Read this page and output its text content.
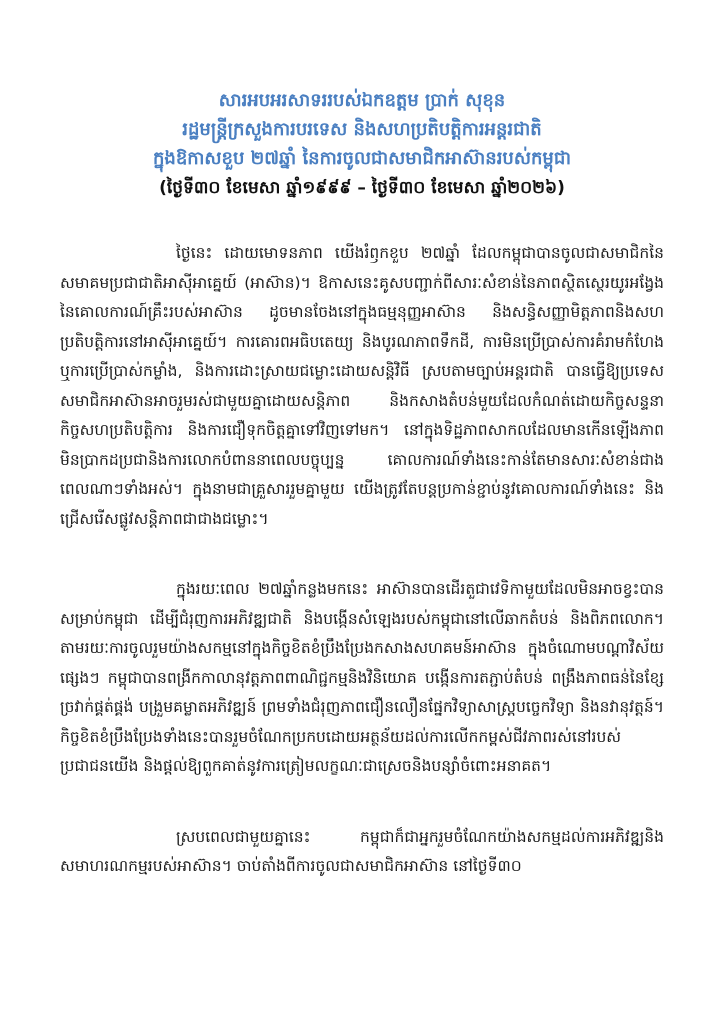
សារអបអរសាទររបស់ឯកឧត្តម ប្រាក់ សុខុន
រដ្ឋមន្ត្រីក្រសួងការបរទេស និងសហប្រតិបត្តិការអន្តរជាតិ
ក្នុងឱកាសខួប ២៧ឆ្នាំ នៃការចូលជាសមាជិកអាស៊ានរបស់កម្ពុជា
(ថ្ងៃទី៣០ ខែមេសា ឆ្នាំ១៩៩៩ – ថ្ងៃទី៣០ ខែមេសា ឆ្នាំ២០២៦)

ថ្ងៃនេះ ដោយមោទនភាព យើងរំឭកខួប ២៧ឆ្នាំ ដែលកម្ពុជាបានចូលជាសមាជិកនៃសមាគមប្រជាជាតិអាស៊ីអាគ្នេយ៍ (អាស៊ាន)។ ឱកាសនេះគូសបញ្ជាក់ពីសារៈសំខាន់នៃភាពស្ថិតស្ថេរយូរអង្វែងនៃគោលការណ៍គ្រឹះរបស់អាស៊ាន ដូចមានចែងនៅក្នុងធម្មនុញ្ញអាស៊ាន និងសន្ធិសញ្ញាមិត្តភាពនិងសហប្រតិបត្តិការនៅអាស៊ីអាគ្នេយ៍។ ការគោរពអធិបតេយ្យ និងបូរណភាពទឹកដី, ការមិនប្រើប្រាស់ការគំរាមកំហែង ឬការប្រើប្រាស់កម្លាំង, និងការដោះស្រាយជម្លោះដោយសន្តិវិធី ស្របតាមច្បាប់អន្តរជាតិ បានធ្វើឱ្យប្រទេសសមាជិកអាស៊ានអាចរួមរស់ជាមួយគ្នាដោយសន្តិភាព និងកសាងតំបន់មួយដែលកំណត់ដោយកិច្ចសន្ទនា កិច្ចសហប្រតិបត្តិការ និងការជឿទុកចិត្តគ្នាទៅវិញទៅមក។ នៅក្នុងទិដ្ឋភាពសាកលដែលមានកើនឡើងភាពមិនប្រាកដប្រជានិងការលោកបំពាននាពេលបច្ចុប្បន្ន គោលការណ៍ទាំងនេះកាន់តែមានសារៈសំខាន់ជាងពេលណាៗទាំងអស់។ ក្នុងនាមជាគ្រួសាររួមគ្នាមួយ យើងត្រូវតែបន្តប្រកាន់ខ្ជាប់នូវគោលការណ៍ទាំងនេះ និងជ្រើសរើសផ្លូវសន្តិភាពជាជាងជម្លោះ។

ក្នុងរយៈពេល ២៧ឆ្នាំកន្លងមកនេះ អាស៊ានបានដើរតួជាវេទិកាមួយដែលមិនអាចខ្វះបាន សម្រាប់កម្ពុជា ដើម្បីជំរុញការអភិវឌ្ឍជាតិ និងបង្កើនសំឡេងរបស់កម្ពុជានៅលើឆាកតំបន់ និងពិភពលោក។ តាមរយៈការចូលរួមយ៉ាងសកម្មនៅក្នុងកិច្ចខិតខំប្រឹងប្រែងកសាងសហគមន៍អាស៊ាន ក្នុងចំណោមបណ្តាវិស័យផ្សេងៗ កម្ពុជាបានពង្រីកកាលានុវត្តភាពពាណិជ្ជកម្មនិងវិនិយោគ បង្កើនការតភ្ជាប់តំបន់ ពង្រឹងភាពធន់នៃខ្សែច្រវាក់ផ្គត់ផ្គង់ បង្រួមគម្លាតអភិវឌ្ឍន៍ ព្រមទាំងជំរុញភាពជឿនលឿនផ្នែកវិទ្យាសាស្ត្របច្ចេកវិទ្យា និងនវានុវត្តន៍។ កិច្ចខិតខំប្រឹងប្រែងទាំងនេះបានរួមចំណែកប្រកបដោយអត្ថន័យដល់ការលើកកម្ពស់ជីវភាពរស់នៅរបស់ប្រជាជនយើង និងផ្តល់ឱ្យពួកគាត់នូវការត្រៀមលក្ខណៈជាស្រេចនិងបន្សាំចំពោះអនាគត។

ស្របពេលជាមួយគ្នានេះ កម្ពុជាក៏ជាអ្នករួមចំណែកយ៉ាងសកម្មដល់ការអភិវឌ្ឍនិងសមាហរណកម្មរបស់អាស៊ាន។ ចាប់តាំងពីការចូលជាសមាជិកអាស៊ាន នៅថ្ងៃទី៣០
